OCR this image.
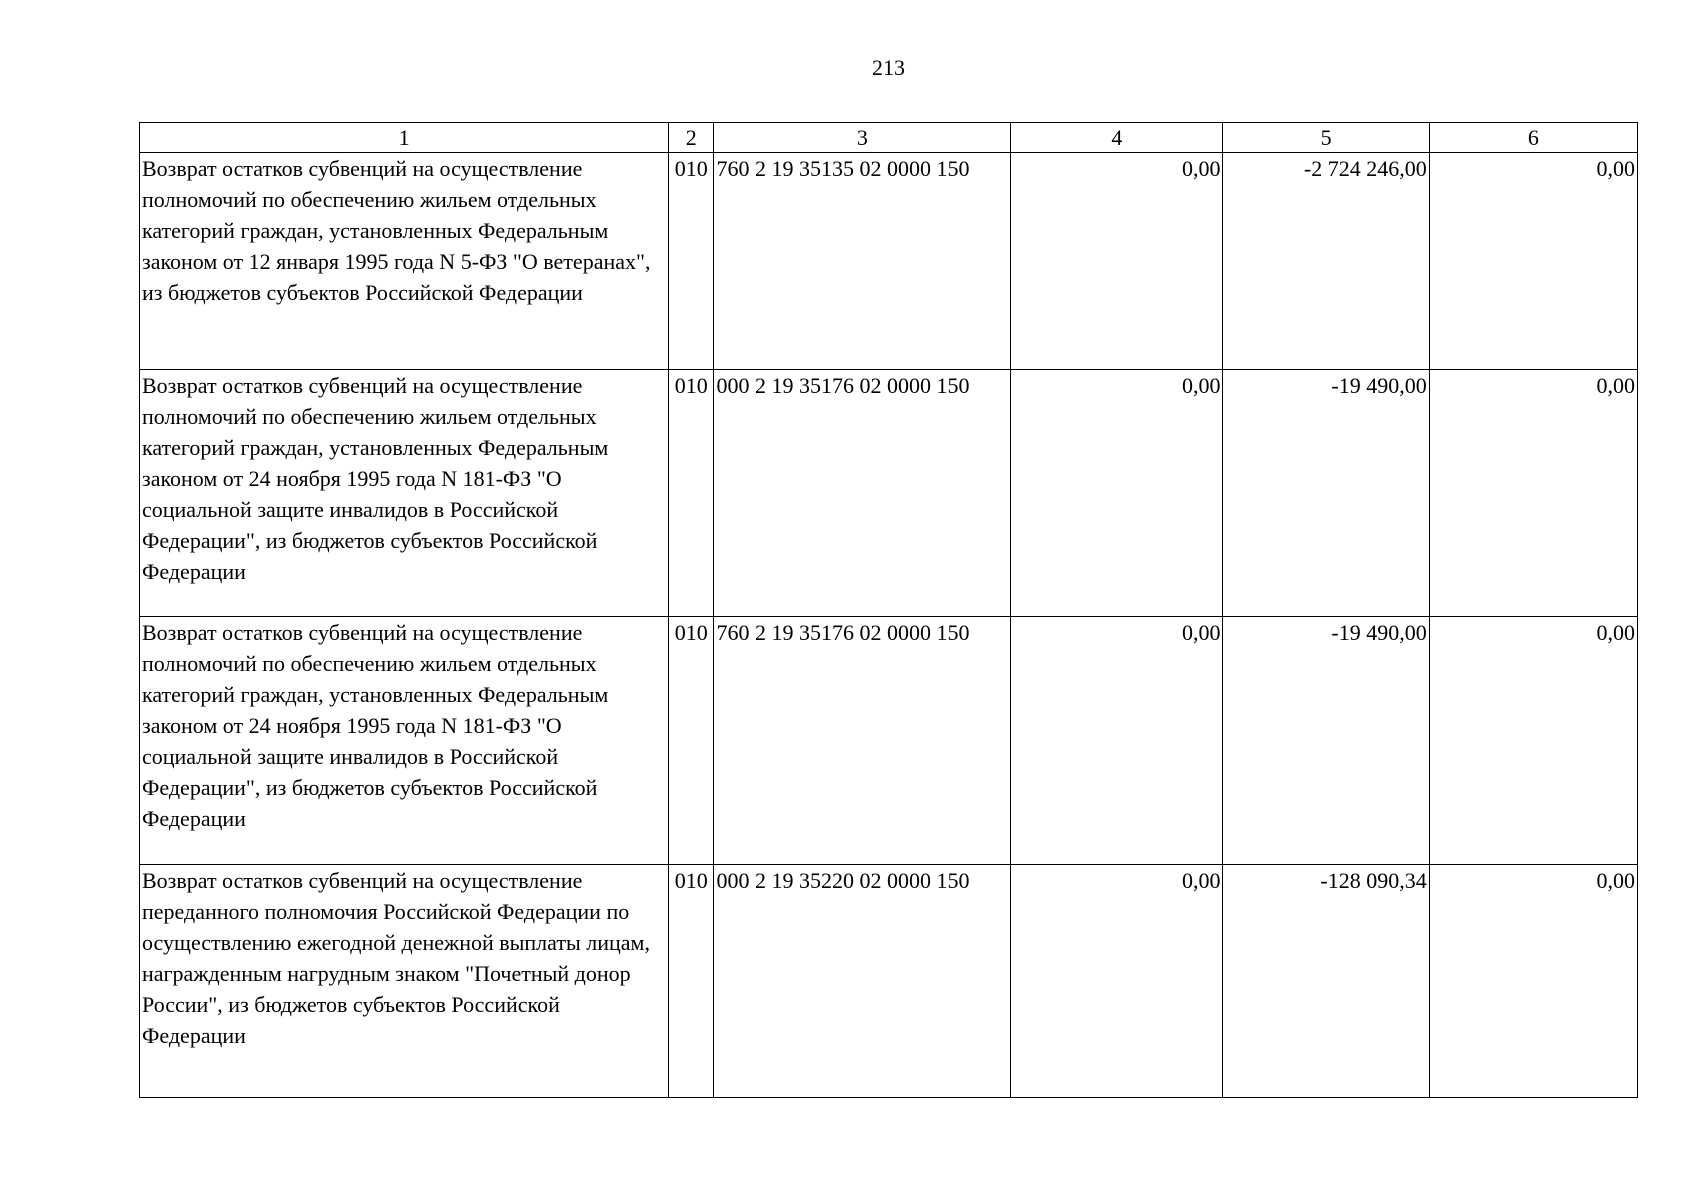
213
1	2	3	4	5	6
Возврат остатков субвенций на осуществление полномочий по обеспечению жильем отдельных категорий граждан, установленных Федеральным законом от 12 января 1995 года N 5-ФЗ "О ветеранах", из бюджетов субъектов Российской Федерации	010	760 2 19 35135 02 0000 150	0,00	-2 724 246,00	0,00
Возврат остатков субвенций на осуществление полномочий по обеспечению жильем отдельных категорий граждан, установленных Федеральным законом от 24 ноября 1995 года N 181-ФЗ "О социальной защите инвалидов в Российской Федерации", из бюджетов субъектов Российской Федерации	010	000 2 19 35176 02 0000 150	0,00	-19 490,00	0,00
Возврат остатков субвенций на осуществление полномочий по обеспечению жильем отдельных категорий граждан, установленных Федеральным законом от 24 ноября 1995 года N 181-ФЗ "О социальной защите инвалидов в Российской Федерации", из бюджетов субъектов Российской Федерации	010	760 2 19 35176 02 0000 150	0,00	-19 490,00	0,00
Возврат остатков субвенций на осуществление переданного полномочия Российской Федерации по осуществлению ежегодной денежной выплаты лицам, награжденным нагрудным знаком "Почетный донор России", из бюджетов субъектов Российской Федерации	010	000 2 19 35220 02 0000 150	0,00	-128 090,34	0,00
